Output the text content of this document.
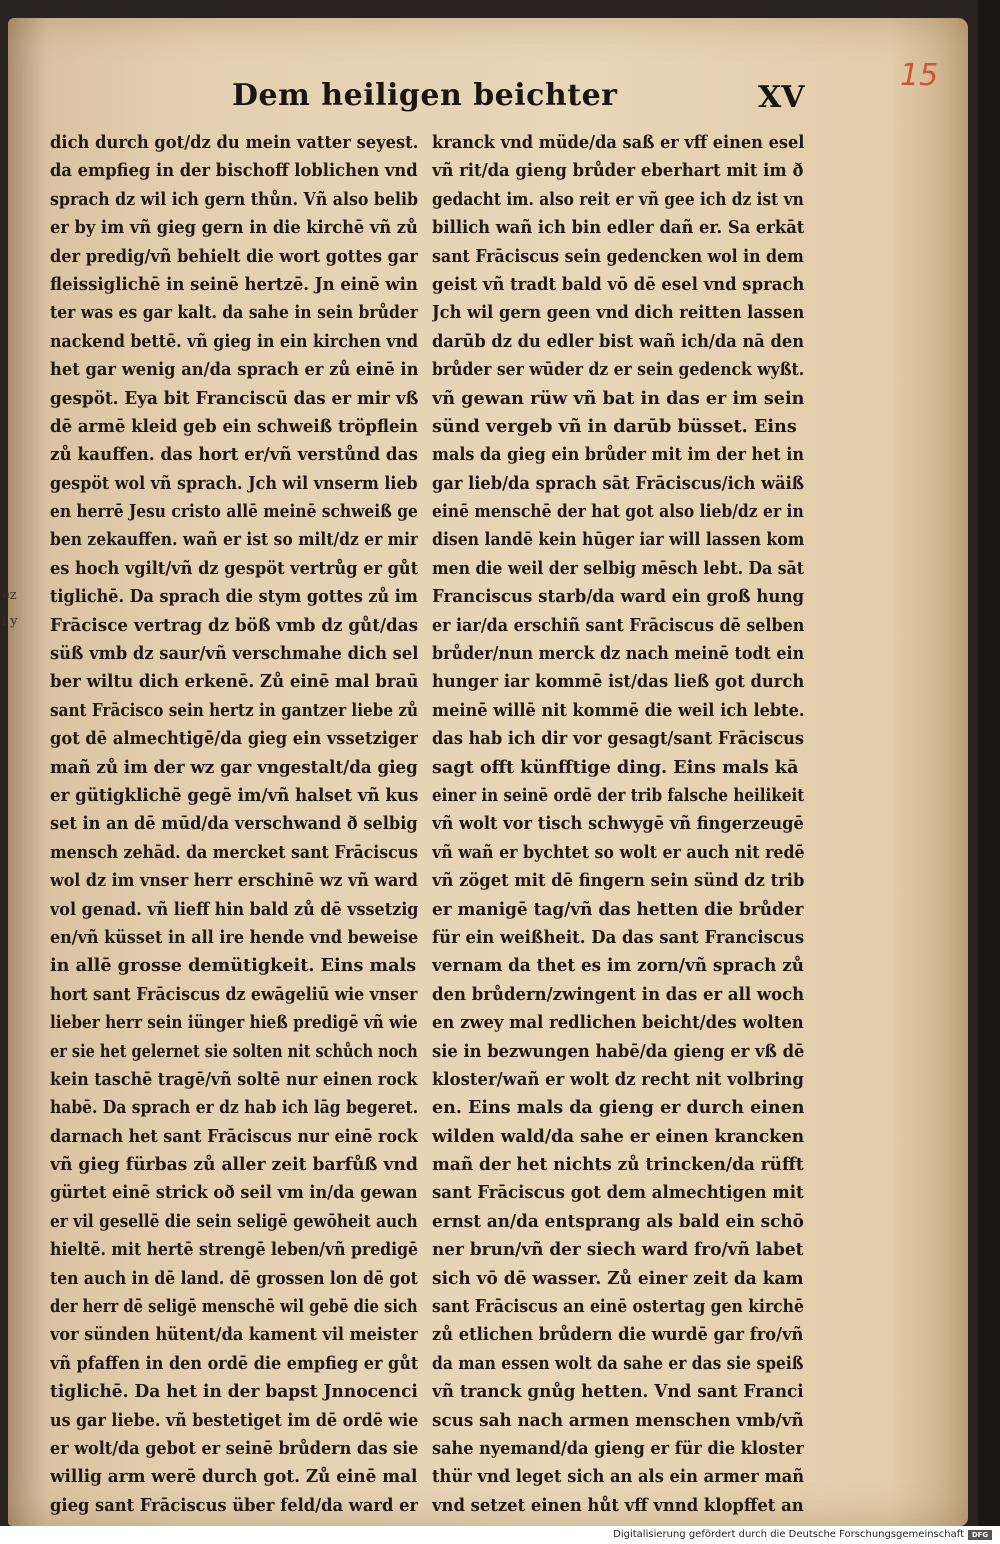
Dem heiligen beichter	XV
15
ez
l y
dich durch got/dz du mein vatter seyest.
da empfieg in der bischoff loblichen vnd
sprach dz wil ich gern thůn. Vñ also belib
er by im vñ gieg gern in die kirchē vñ zů
der predig/vñ behielt die wort gottes gar
fleissiglichē in seinē hertzē. Jn einē win
ter was es gar kalt. da sahe in sein brůder
nackend bettē. vñ gieg in ein kirchen vnd
het gar wenig an/da sprach er zů einē in
gespöt. Eya bit Franciscū das er mir vß
dē armē kleid geb ein schweiß tröpflein
zů kauffen. das hort er/vñ verstůnd das
gespöt wol vñ sprach. Jch wil vnserm lieb
en herrē Jesu cristo allē meinē schweiß ge
ben zekauffen. wañ er ist so milt/dz er mir
es hoch vgilt/vñ dz gespöt vertrůg er gůt
tiglichē. Da sprach die stym gottes zů im
Frācisce vertrag dz böß vmb dz gůt/das
süß vmb dz saur/vñ verschmahe dich sel
ber wiltu dich erkenē. Zů einē mal braū
sant Frācisco sein hertz in gantzer liebe zů
got dē almechtigē/da gieg ein vssetziger
mañ zů im der wz gar vngestalt/da gieg
er gütigklichē gegē im/vñ halset vñ kus
set in an dē mūd/da verschwand ð selbig
mensch zehād. da mercket sant Frāciscus
wol dz im vnser herr erschinē wz vñ ward
vol genad. vñ lieff hin bald zů dē vssetzig
en/vñ küsset in all ire hende vnd beweise
in allē grosse demütigkeit. Eins mals
hort sant Frāciscus dz ewāgeliū wie vnser
lieber herr sein iünger hieß predigē vñ wie
er sie het gelernet sie solten nit schůch noch
kein taschē tragē/vñ soltē nur einen rock
habē. Da sprach er dz hab ich lāg begeret.
darnach het sant Frāciscus nur einē rock
vñ gieg fürbas zů aller zeit barfůß vnd
gürtet einē strick oð seil vm in/da gewan
er vil gesellē die sein seligē gewōheit auch
hieltē. mit hertē strengē leben/vñ predigē
ten auch in dē land. dē grossen lon dē got
der herr dē seligē menschē wil gebē die sich
vor sünden hütent/da kament vil meister
vñ pfaffen in den ordē die empfieg er gůt
tiglichē. Da het in der bapst Jnnocenci
us gar liebe. vñ bestetiget im dē ordē wie
er wolt/da gebot er seinē brůdern das sie
willig arm werē durch got. Zů einē mal
gieg sant Frāciscus über feld/da ward er
kranck vnd müde/da saß er vff einen esel
vñ rit/da gieng brůder eberhart mit im ð
gedacht im. also reit er vñ gee ich dz ist vn
billich wañ ich bin edler dañ er. Sa erkāt
sant Frāciscus sein gedencken wol in dem
geist vñ tradt bald vō dē esel vnd sprach
Jch wil gern geen vnd dich reitten lassen
darūb dz du edler bist wañ ich/da nā den
brůder ser wūder dz er sein gedenck wyßt.
vñ gewan rüw vñ bat in das er im sein
sünd vergeb vñ in darūb büsset. Eins
mals da gieg ein brůder mit im der het in
gar lieb/da sprach sāt Frāciscus/ich wäiß
einē menschē der hat got also lieb/dz er in
disen landē kein hūger iar will lassen kom
men die weil der selbig mēsch lebt. Da sāt
Franciscus starb/da ward ein groß hung
er iar/da erschiñ sant Frāciscus dē selben
brůder/nun merck dz nach meinē todt ein
hunger iar kommē ist/das ließ got durch
meinē willē nit kommē die weil ich lebte.
das hab ich dir vor gesagt/sant Frāciscus
sagt offt künfftige ding. Eins mals kā
einer in seinē ordē der trib falsche heilikeit
vñ wolt vor tisch schwygē vñ fingerzeugē
vñ wañ er bychtet so wolt er auch nit redē
vñ zöget mit dē fingern sein sünd dz trib
er manigē tag/vñ das hetten die brůder
für ein weißheit. Da das sant Franciscus
vernam da thet es im zorn/vñ sprach zů
den brůdern/zwingent in das er all woch
en zwey mal redlichen beicht/des wolten
sie in bezwungen habē/da gieng er vß dē
kloster/wañ er wolt dz recht nit volbring
en. Eins mals da gieng er durch einen
wilden wald/da sahe er einen krancken
mañ der het nichts zů trincken/da rüfft
sant Frāciscus got dem almechtigen mit
ernst an/da entsprang als bald ein schō
ner brun/vñ der siech ward fro/vñ labet
sich vō dē wasser. Zů einer zeit da kam
sant Frāciscus an einē ostertag gen kirchē
zů etlichen brůdern die wurdē gar fro/vñ
da man essen wolt da sahe er das sie speiß
vñ tranck gnůg hetten. Vnd sant Franci
scus sah nach armen menschen vmb/vñ
sahe nyemand/da gieng er für die kloster
thür vnd leget sich an als ein armer mañ
vnd setzet einen hůt vff vnnd klopffet an
Digitalisierung gefördert durch die Deutsche Forschungsgemeinschaft	DFG
